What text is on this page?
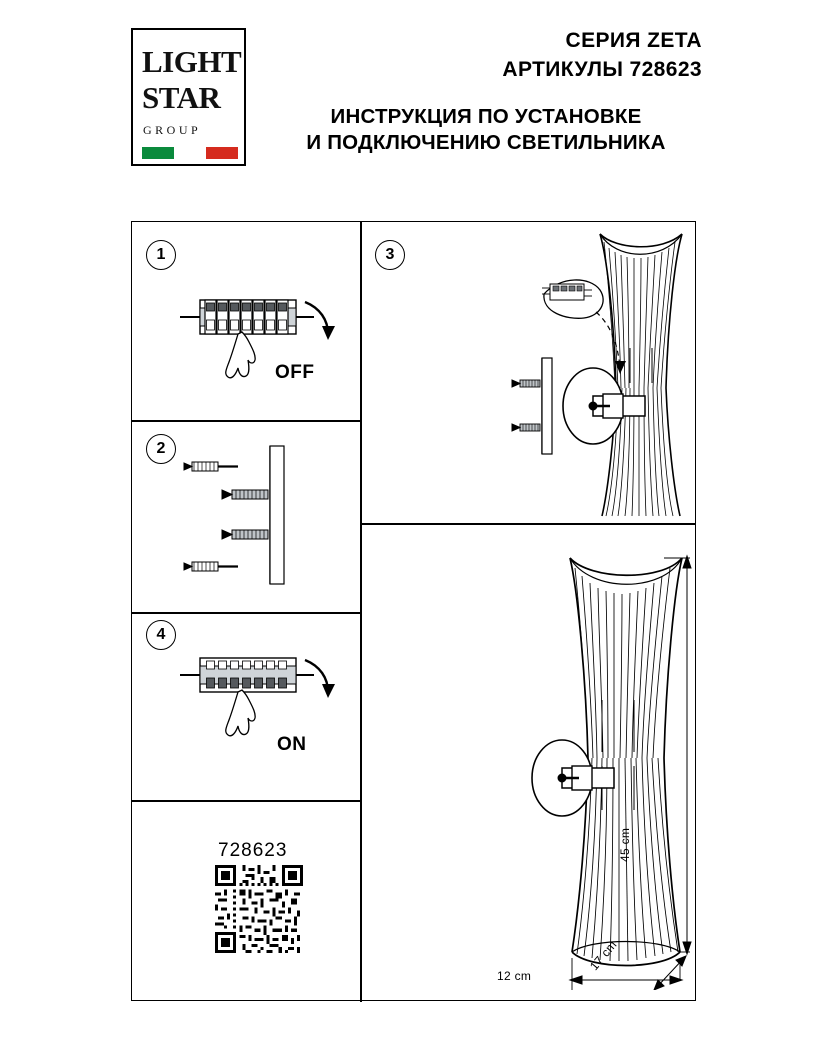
LIGHT
STAR
GROUP
СЕРИЯ ZETA
АРТИКУЛЫ 728623
ИНСТРУКЦИЯ ПО УСТАНОВКЕ
И ПОДКЛЮЧЕНИЮ СВЕТИЛЬНИКА
1
OFF
2
4
ON
728623
3
45 cm
12 cm
17 cm
